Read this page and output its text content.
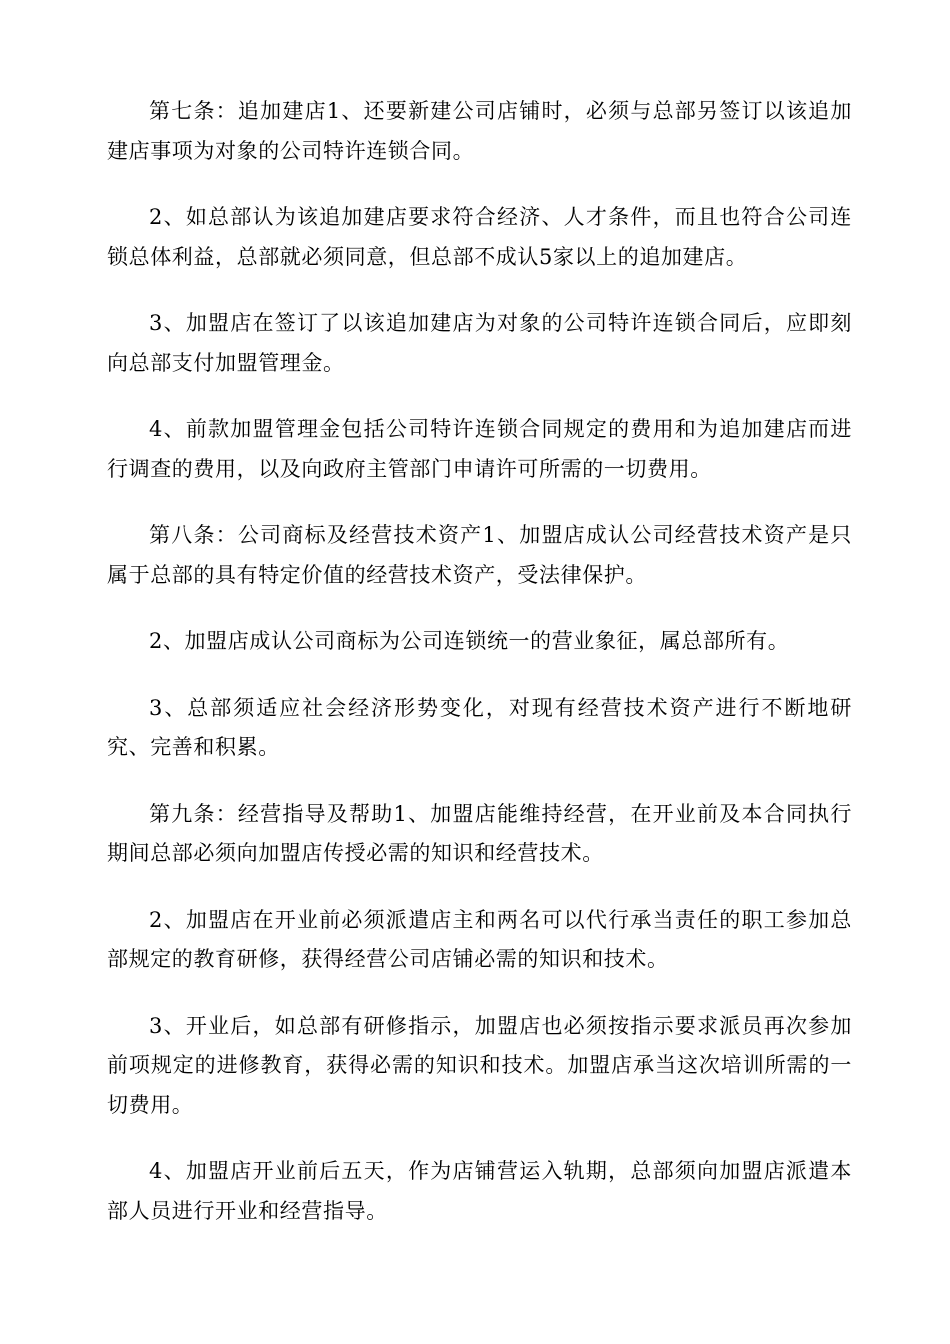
第七条：追加建店1、还要新建公司店铺时，必须与总部另签订以该追加建店事项为对象的公司特许连锁合同。

2、如总部认为该追加建店要求符合经济、人才条件，而且也符合公司连锁总体利益，总部就必须同意，但总部不成认5家以上的追加建店。

3、加盟店在签订了以该追加建店为对象的公司特许连锁合同后，应即刻向总部支付加盟管理金。

4、前款加盟管理金包括公司特许连锁合同规定的费用和为追加建店而进行调查的费用，以及向政府主管部门申请许可所需的一切费用。

第八条：公司商标及经营技术资产1、加盟店成认公司经营技术资产是只属于总部的具有特定价值的经营技术资产，受法律保护。

2、加盟店成认公司商标为公司连锁统一的营业象征，属总部所有。

3、总部须适应社会经济形势变化，对现有经营技术资产进行不断地研究、完善和积累。

第九条：经营指导及帮助1、加盟店能维持经营，在开业前及本合同执行期间总部必须向加盟店传授必需的知识和经营技术。

2、加盟店在开业前必须派遣店主和两名可以代行承当责任的职工参加总部规定的教育研修，获得经营公司店铺必需的知识和技术。

3、开业后，如总部有研修指示，加盟店也必须按指示要求派员再次参加前项规定的进修教育，获得必需的知识和技术。加盟店承当这次培训所需的一切费用。

4、加盟店开业前后五天，作为店铺营运入轨期，总部须向加盟店派遣本部人员进行开业和经营指导。
